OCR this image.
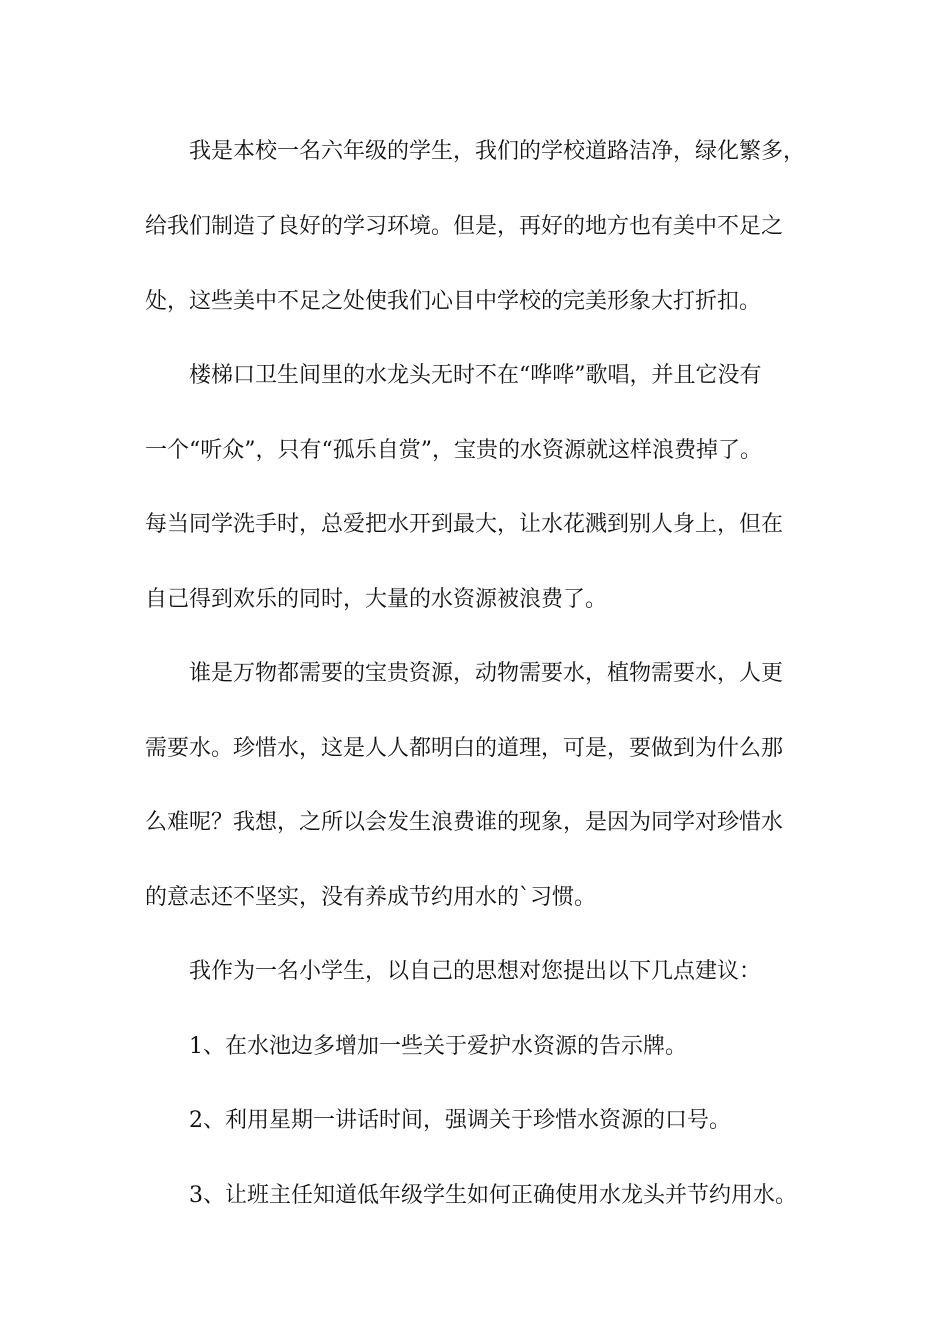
我是本校一名六年级的学生，我们的学校道路洁净，绿化繁多，
给我们制造了良好的学习环境。但是，再好的地方也有美中不足之
处，这些美中不足之处使我们心目中学校的完美形象大打折扣。
楼梯口卫生间里的水龙头无时不在“哗哗”歌唱，并且它没有
一个“听众”，只有“孤乐自赏”，宝贵的水资源就这样浪费掉了。
每当同学洗手时，总爱把水开到最大，让水花溅到别人身上，但在
自己得到欢乐的同时，大量的水资源被浪费了。
谁是万物都需要的宝贵资源，动物需要水，植物需要水，人更
需要水。珍惜水，这是人人都明白的道理，可是，要做到为什么那
么难呢？我想，之所以会发生浪费谁的现象，是因为同学对珍惜水
的意志还不坚实，没有养成节约用水的`习惯。
我作为一名小学生，以自己的思想对您提出以下几点建议：
1、在水池边多增加一些关于爱护水资源的告示牌。
2、利用星期一讲话时间，强调关于珍惜水资源的口号。
3、让班主任知道低年级学生如何正确使用水龙头并节约用水。
